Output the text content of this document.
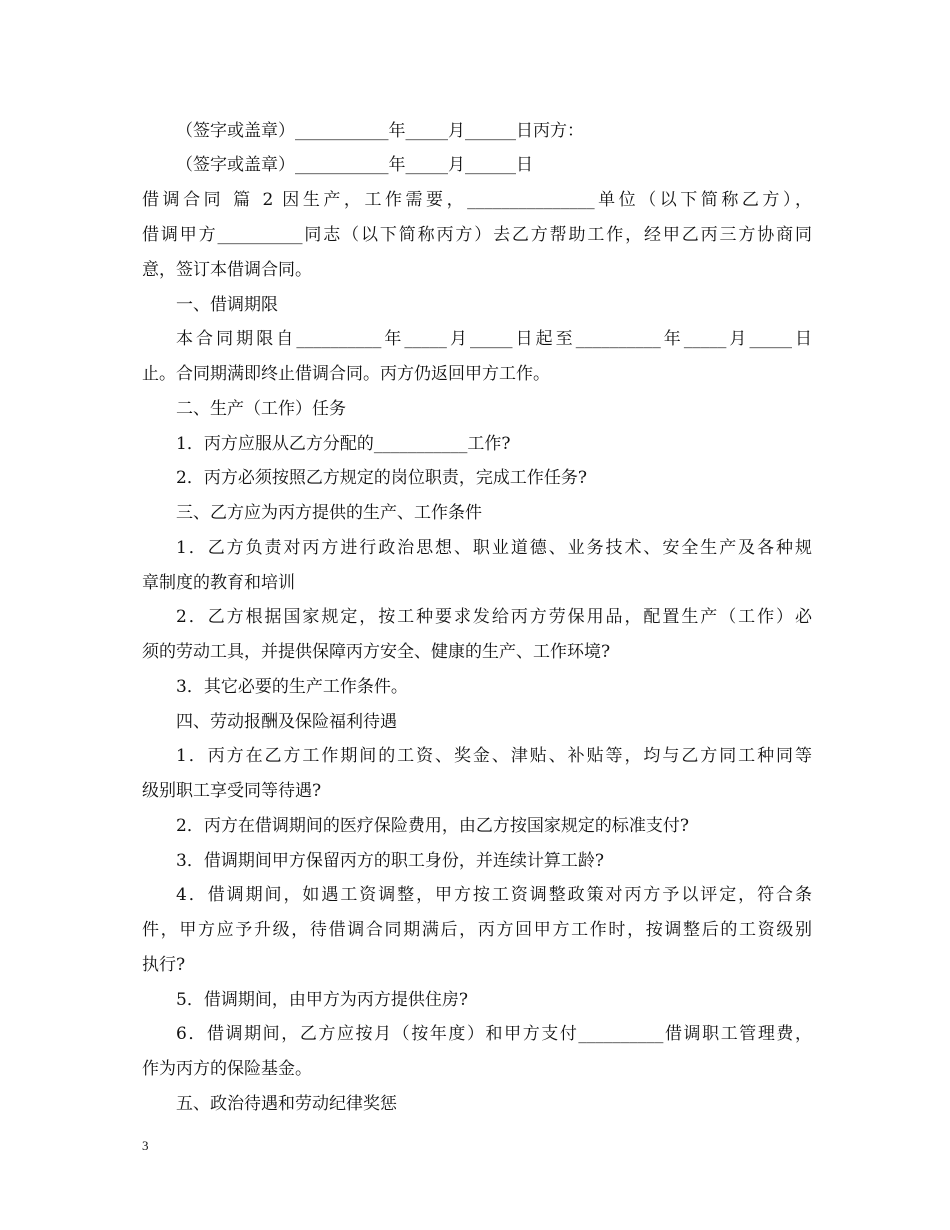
（签字或盖章）___________年_____月______日丙方：
（签字或盖章）___________年_____月______日
借调合同 篇 2 因生产，工作需要，_______________单位（以下简称乙方），
借调甲方__________同志（以下简称丙方）去乙方帮助工作，经甲乙丙三方协商同
意，签订本借调合同。
一、借调期限
本合同期限自__________年_____月_____日起至__________年_____月_____日
止。合同期满即终止借调合同。丙方仍返回甲方工作。
二、生产（工作）任务
1．丙方应服从乙方分配的___________工作?
2．丙方必须按照乙方规定的岗位职责，完成工作任务?
三、乙方应为丙方提供的生产、工作条件
1．乙方负责对丙方进行政治思想、职业道德、业务技术、安全生产及各种规
章制度的教育和培训
2．乙方根据国家规定，按工种要求发给丙方劳保用品，配置生产（工作）必
须的劳动工具，并提供保障丙方安全、健康的生产、工作环境?
3．其它必要的生产工作条件。
四、劳动报酬及保险福利待遇
1．丙方在乙方工作期间的工资、奖金、津贴、补贴等，均与乙方同工种同等
级别职工享受同等待遇?
2．丙方在借调期间的医疗保险费用，由乙方按国家规定的标准支付?
3．借调期间甲方保留丙方的职工身份，并连续计算工龄?
4．借调期间，如遇工资调整，甲方按工资调整政策对丙方予以评定，符合条
件，甲方应予升级，待借调合同期满后，丙方回甲方工作时，按调整后的工资级别
执行?
5．借调期间，由甲方为丙方提供住房?
6．借调期间，乙方应按月（按年度）和甲方支付__________借调职工管理费，
作为丙方的保险基金。
五、政治待遇和劳动纪律奖惩
3
